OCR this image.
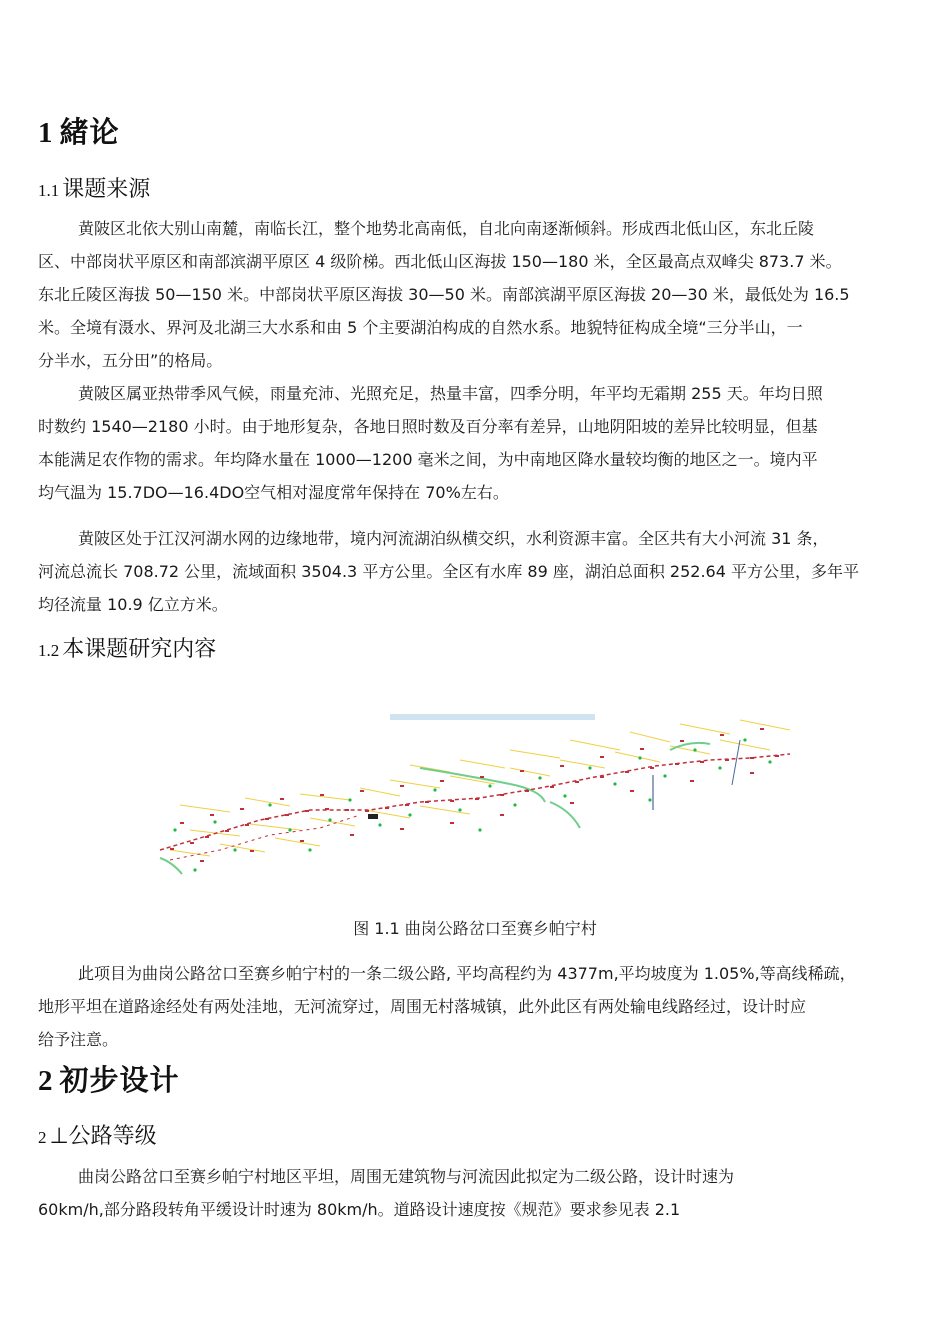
1 緒论
1.1 课题来源
黄陂区北依大别山南麓，南临长江，整个地势北高南低，自北向南逐渐倾斜。形成西北低山区，东北丘陵
区、中部岗状平原区和南部滨湖平原区 4 级阶梯。西北低山区海拔 150—180 米，全区最高点双峰尖 873.7 米。
东北丘陵区海拔 50—150 米。中部岗状平原区海拔 30—50 米。南部滨湖平原区海拔 20—30 米，最低处为 16.5
米。全境有滠水、界河及北湖三大水系和由 5 个主要湖泊构成的自然水系。地貌特征构成全境“三分半山，一
分半水，五分田”的格局。
黄陂区属亚热带季风气候，雨量充沛、光照充足，热量丰富，四季分明，年平均无霜期 255 天。年均日照
时数约 1540—2180 小时。由于地形复杂，各地日照时数及百分率有差异，山地阴阳坡的差异比较明显，但基
本能满足农作物的需求。年均降水量在 1000—1200 毫米之间，为中南地区降水量较均衡的地区之一。境内平
均气温为 15.7DO—16.4DO空气相对湿度常年保持在 70%左右。
黄陂区处于江汉河湖水网的边缘地带，境内河流湖泊纵横交织，水利资源丰富。全区共有大小河流 31 条，
河流总流长 708.72 公里，流域面积 3504.3 平方公里。全区有水库 89 座，湖泊总面积 252.64 平方公里，多年平
均径流量 10.9 亿立方米。
1.2 本课题研究内容
图 1.1 曲岗公路岔口至赛乡帕宁村
此项目为曲岗公路岔口至赛乡帕宁村的一条二级公路, 平均高程约为 4377m,平均坡度为 1.05%,等高线稀疏，
地形平坦在道路途经处有两处洼地，无河流穿过，周围无村落城镇，此外此区有两处输电线路经过，设计时应
给予注意。
2 初步设计
2 ⊥公路等级
曲岗公路岔口至赛乡帕宁村地区平坦，周围无建筑物与河流因此拟定为二级公路，设计时速为
60km/h,部分路段转角平缓设计时速为 80km/h。道路设计速度按《规范》要求参见表 2.1
